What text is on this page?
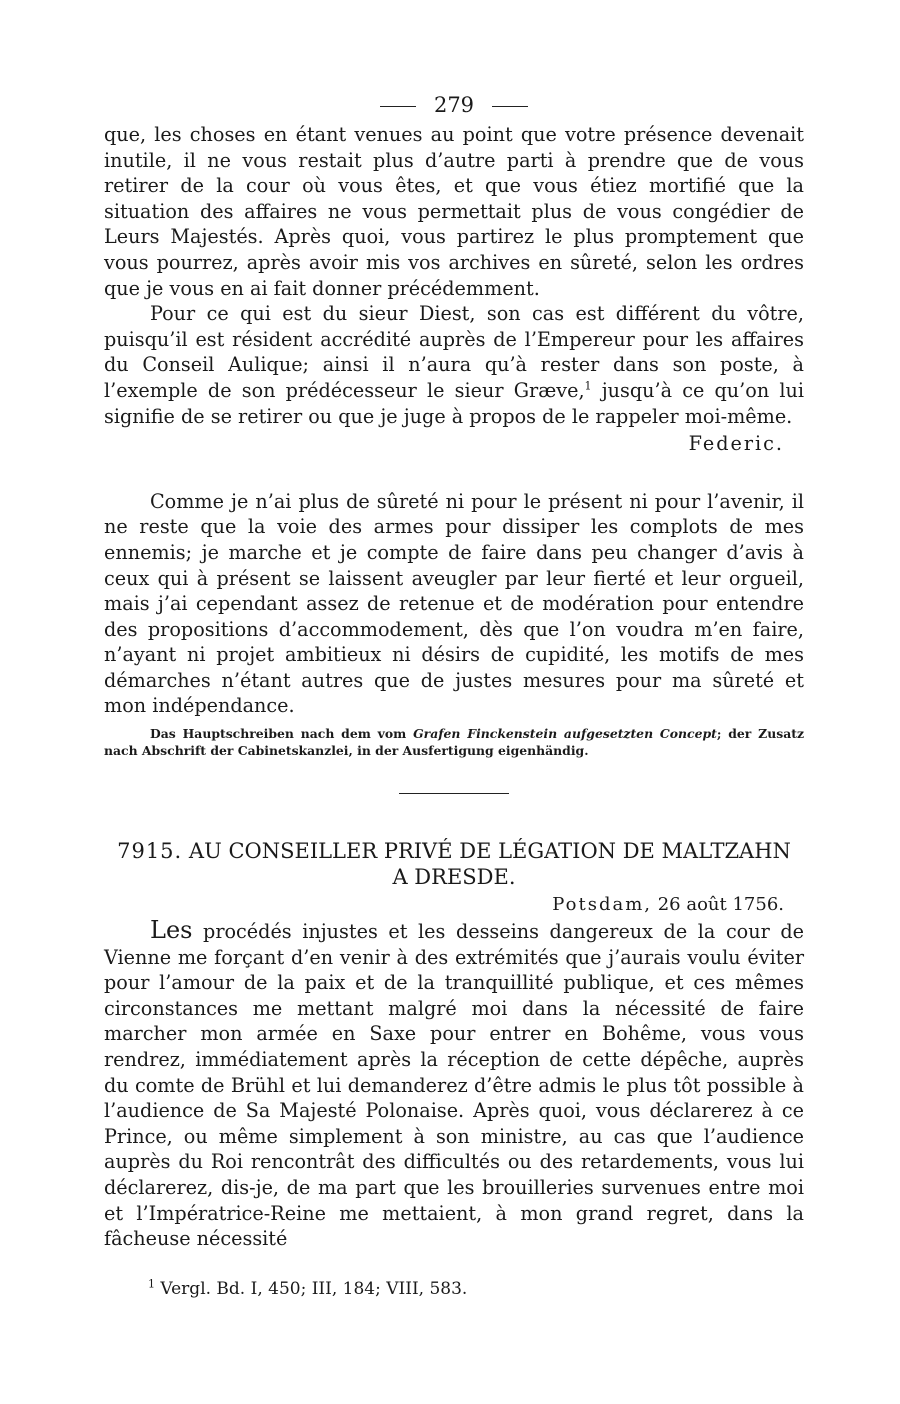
279

que, les choses en étant venues au point que votre présence devenait inutile, il ne vous restait plus d’autre parti à prendre que de vous retirer de la cour où vous êtes, et que vous étiez mortifié que la situation des affaires ne vous permettait plus de vous congédier de Leurs Majestés. Après quoi, vous partirez le plus promptement que vous pourrez, après avoir mis vos archives en sûreté, selon les ordres que je vous en ai fait donner précédemment.

Pour ce qui est du sieur Diest, son cas est différent du vôtre, puisqu’il est résident accrédité auprès de l’Empereur pour les affaires du Conseil Aulique; ainsi il n’aura qu’à rester dans son poste, à l’exemple de son prédécesseur le sieur Græve,$^1$ jusqu’à ce qu’on lui signifie de se retirer ou que je juge à propos de le rappeler moi-même.

Federic.

Comme je n’ai plus de sûreté ni pour le présent ni pour l’avenir, il ne reste que la voie des armes pour dissiper les complots de mes ennemis; je marche et je compte de faire dans peu changer d’avis à ceux qui à présent se laissent aveugler par leur fierté et leur orgueil, mais j’ai cependant assez de retenue et de modération pour entendre des propositions d’accommodement, dès que l’on voudra m’en faire, n’ayant ni projet ambitieux ni désirs de cupidité, les motifs de mes démarches n’étant autres que de justes mesures pour ma sûreté et mon indépendance.

Das Hauptschreiben nach dem vom Grafen Finckenstein aufgesetzten Concept; der Zusatz nach Abschrift der Cabinetskanzlei, in der Ausfertigung eigenhändig.

7915. AU CONSEILLER PRIVÉ DE LÉGATION DE MALTZAHN
A DRESDE.
Potsdam, 26 août 1756.

Les procédés injustes et les desseins dangereux de la cour de Vienne me forçant d’en venir à des extrémités que j’aurais voulu éviter pour l’amour de la paix et de la tranquillité publique, et ces mêmes circonstances me mettant malgré moi dans la nécessité de faire marcher mon armée en Saxe pour entrer en Bohême, vous vous rendrez, immédiatement après la réception de cette dépêche, auprès du comte de Brühl et lui demanderez d’être admis le plus tôt possible à l’audience de Sa Majesté Polonaise. Après quoi, vous déclarerez à ce Prince, ou même simplement à son ministre, au cas que l’audience auprès du Roi rencontrât des difficultés ou des retardements, vous lui déclarerez, dis-je, de ma part que les brouilleries survenues entre moi et l’Impératrice-Reine me mettaient, à mon grand regret, dans la fâcheuse nécessité

$^1$ Vergl. Bd. I, 450; III, 184; VIII, 583.
